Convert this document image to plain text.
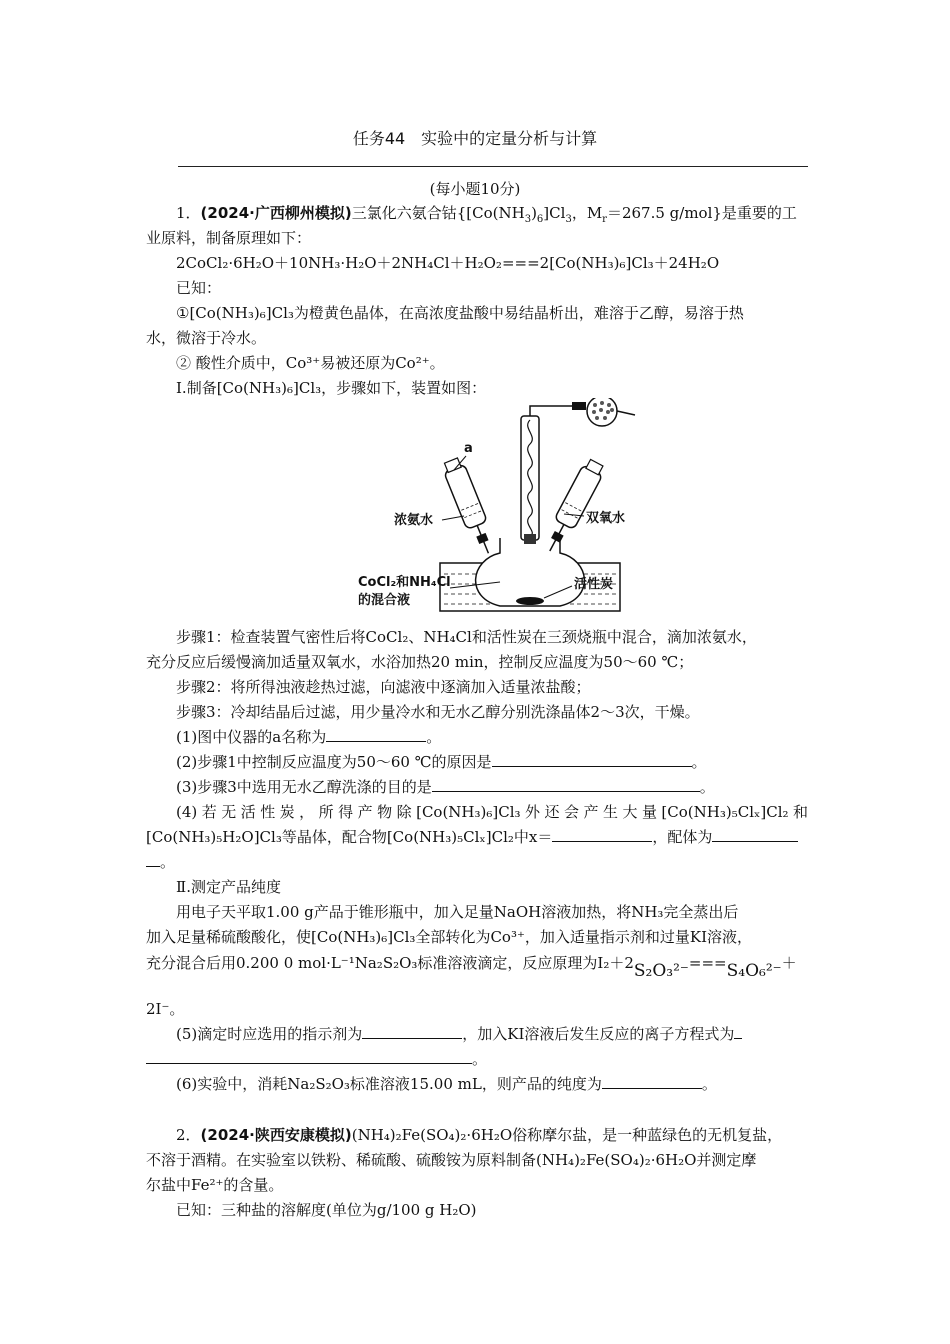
任务44　实验中的定量分析与计算
(每小题10分)
1．(2024·广西柳州模拟)三氯化六氨合钴{$[Co(NH_3)_6]Cl_3$，$M_r=267.5$ g/mol}是重要的工
业原料，制备原理如下：
2CoCl₂·6H₂O＋10NH₃·H₂O＋2NH₄Cl＋H₂O₂===2[Co(NH₃)₆]Cl₃＋24H₂O
已知：
①[Co(NH₃)₆]Cl₃为橙黄色晶体，在高浓度盐酸中易结晶析出，难溶于乙醇，易溶于热
水，微溶于冷水。
② 酸性介质中，Co³⁺易被还原为Co²⁺。
Ⅰ.制备[Co(NH₃)₆]Cl₃，步骤如下，装置如图：
a
浓氨水	双氧水
CoCl₂和NH₄Cl
的混合液
活性炭
步骤1：检查装置气密性后将CoCl₂、NH₄Cl和活性炭在三颈烧瓶中混合，滴加浓氨水，
充分反应后缓慢滴加适量双氧水，水浴加热20 min，控制反应温度为50～60 ℃；
步骤2：将所得浊液趁热过滤，向滤液中逐滴加入适量浓盐酸；
步骤3：冷却结晶后过滤，用少量冷水和无水乙醇分别洗涤晶体2～3次，干燥。
(1)图中仪器的a名称为	。
(2)步骤1中控制反应温度为50～60 ℃的原因是	。
(3)步骤3中选用无水乙醇洗涤的目的是	。
(4)若无活性炭，所得产物除[Co(NH₃)₆]Cl₃外还会产生大量[Co(NH₃)₅Clₓ]Cl₂和
[Co(NH₃)₅H₂O]Cl₃等晶体，配合物[Co(NH₃)₅Clₓ]Cl₂中x＝	，配体为
。
Ⅱ.测定产品纯度
用电子天平取1.00 g产品于锥形瓶中，加入足量NaOH溶液加热，将NH₃完全蒸出后
加入足量稀硫酸酸化，使[Co(NH₃)₆]Cl₃全部转化为Co³⁺，加入适量指示剂和过量KI溶液，
充分混合后用0.200 0 mol·L⁻¹Na₂S₂O₃标准溶液滴定，反应原理为I₂＋2S₂O₃²⁻===S₄O₆²⁻＋
2I⁻。
(5)滴定时应选用的指示剂为	，加入KI溶液后发生反应的离子方程式为
。
(6)实验中，消耗Na₂S₂O₃标准溶液15.00 mL，则产品的纯度为	。
2．(2024·陕西安康模拟)(NH₄)₂Fe(SO₄)₂·6H₂O俗称摩尔盐，是一种蓝绿色的无机复盐，
不溶于酒精。在实验室以铁粉、稀硫酸、硫酸铵为原料制备(NH₄)₂Fe(SO₄)₂·6H₂O并测定摩
尔盐中Fe²⁺的含量。
已知：三种盐的溶解度(单位为g/100 g H₂O)
